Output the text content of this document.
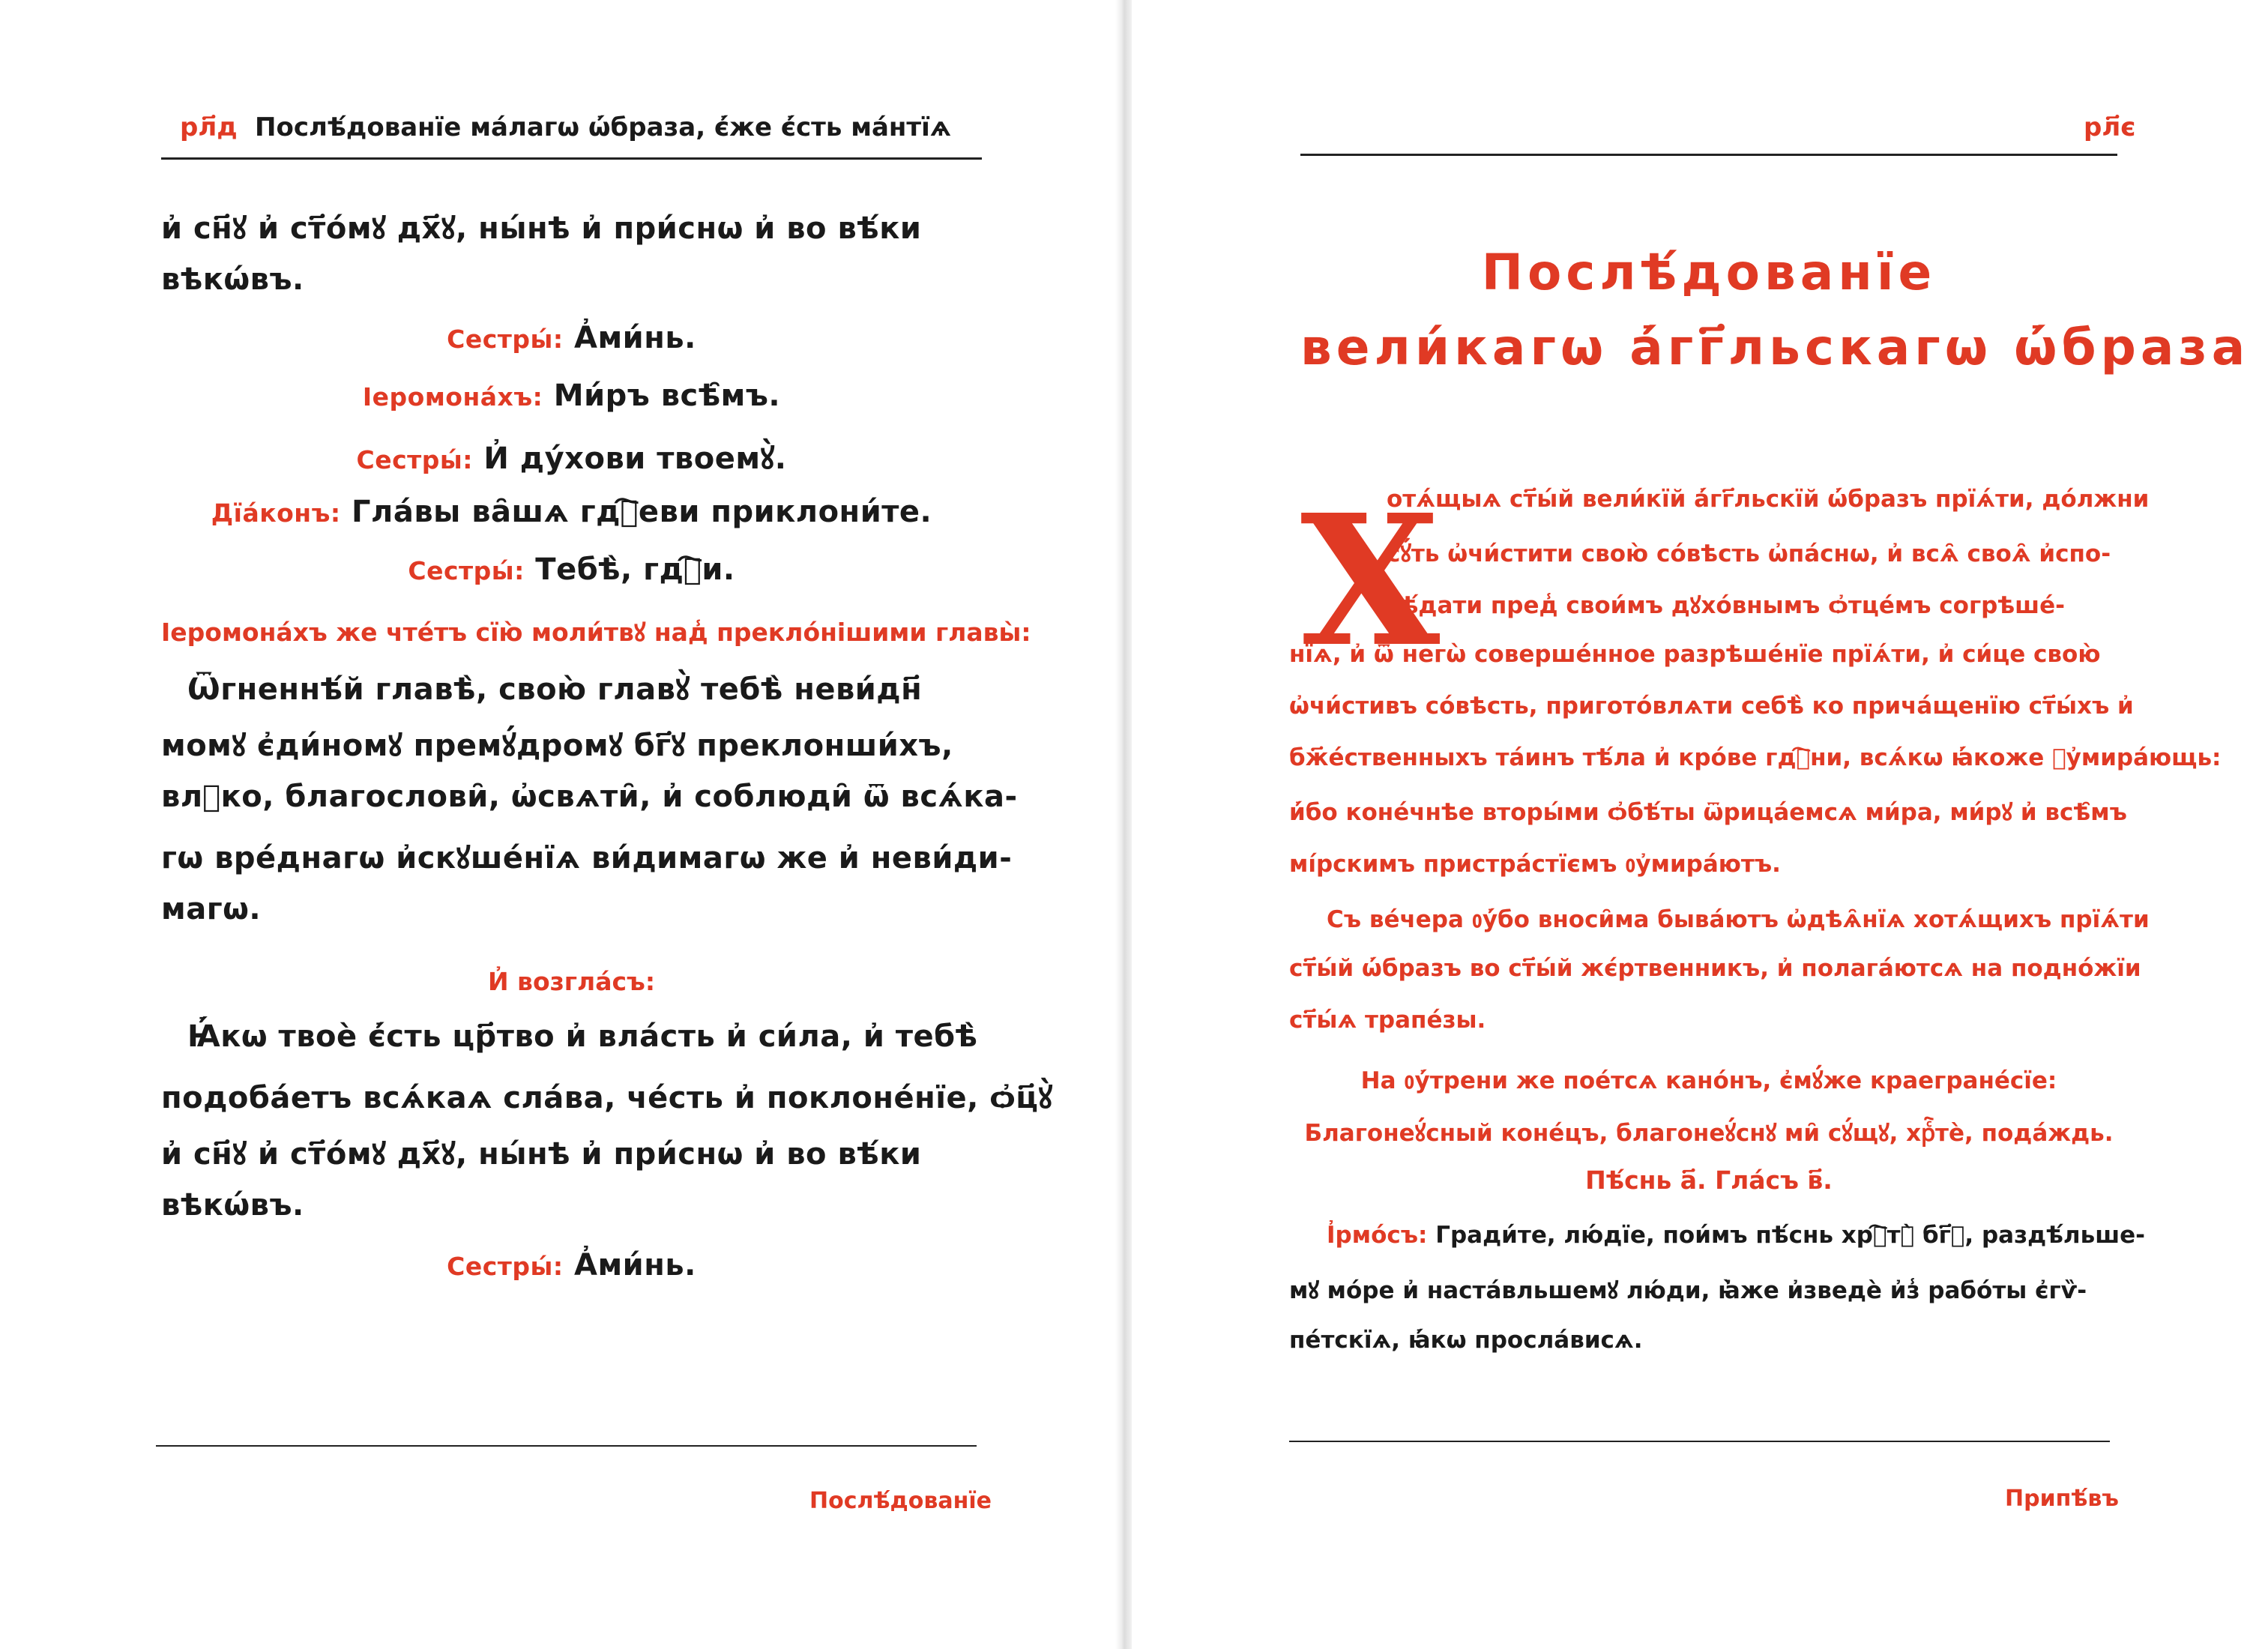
рл҃д Послѣ́дованїе ма́лагѡ ѡ҆́браза, є҆́же є҆́сть ма́нтїѧ
и҆ сн҃ꙋ и҆ ст҃о́мꙋ дх҃ꙋ, ны́нѣ и҆ при́снѡ и҆ во вѣ́ки
вѣкѡ́въ.
Сестры́: А҆ми́нь.
Іеромона́хъ: Ми́ръ всѣ̑мъ.
Сестры́: И҆ ду́хови твоемꙋ̀.
Дїа́конъ: Гла́вы ва̑шѧ гдⷭ҇еви приклони́те.
Сестры́: Тебѣ̀, гдⷭ҇и.
Іеромона́хъ же чте́тъ сїю̀ моли́твꙋ над̾ прекло́нішими главы̀:
Ѿгненнѣ́й главѣ̀, свою̀ главꙋ̀ тебѣ̀ неви́дн҃
момꙋ є҆ди́номꙋ премꙋ́дромꙋ бг҃ꙋ преклонши́хъ,
влⷣко, благослови̑, ѡ҆свѧти̑, и҆ соблюди̑ ѿ всѧ́ка-
гѡ вре́днагѡ и҆скꙋше́нїѧ ви́димагѡ же и҆ неви́ди-
магѡ.
И҆ возгла́съ:
Ꙗ҆́кѡ твоѐ є҆́сть цр҃тво и҆ вла́сть и҆ си́ла, и҆ тебѣ̀
подоба́етъ всѧ́каѧ сла́ва, че́сть и҆ поклоне́нїе, ѻ҆ц҃ꙋ̀
и҆ сн҃ꙋ и҆ ст҃о́мꙋ дх҃ꙋ, ны́нѣ и҆ при́снѡ и҆ во вѣ́ки
вѣкѡ́въ.
Сестры́: А҆ми́нь.
Послѣ́дованїе
рл҃є
Послѣ́дованїе
вели́кагѡ а҆́гг҃льскагѡ ѡ҆́браза
Х
отѧ́щыѧ ст҃ы́й вели́кїй а҆́гг҃льскїй ѡ҆́бразъ прїѧ́ти, до́лжни
сꙋ́ть ѡ҆чи́стити свою̀ со́вѣсть ѡ҆па́снѡ, и҆ всѧ̑ своѧ̑ и҆спо-
вѣ́дати пред̾ свои́мъ дꙋхо́внымъ ѻ҆тце́мъ согрѣше́-
нїѧ, и҆ ѿ негѡ̀ соверше́нное разрѣше́нїе прїѧ́ти, и҆ си́це свою̀
ѡ҆чи́стивъ со́вѣсть, пригото́влѧти себѣ̀ ко прича́щенїю ст҃ы́хъ и҆
бж҃е́ственныхъ та́инъ тѣ́ла и҆ кро́ве гдⷭ҇ни, всѧ́кѡ ꙗ҆́коже ᲂу҆мира́ющь:
и҆́бо коне́чнѣе вторы́ми ѻ҆бѣ́ты ѿрица́емсѧ ми́ра, ми́рꙋ и҆ всѣ̑мъ
мі́рскимъ пристра́стїємъ ᲂу҆мира́ютъ.
Съ ве́чера ᲂу҆́бо вноси̑ма быва́ютъ ѡ҆дѣѧ̑нїѧ хотѧ́щихъ прїѧ́ти
ст҃ы́й ѡ҆́бразъ во ст҃ы́й жє́ртвенникъ, и҆ полага́ютсѧ на подно́жїи
ст҃ы́ѧ трапе́зы.
На ᲂу҆́трени же пое́тсѧ кано́нъ, є҆мꙋ́же краегране́сїе:
Благонеꙋ́сный коне́цъ, благонеꙋ́снꙋ ми̑ сꙋ́щꙋ, хрⷭ҇тѐ, пода́ждь.
Пѣ́снь а҃. Гла́съ в҃.
І҆рмо́съ: Гради́те, лю́дїе, пои́мъ пѣ́снь хрⷭ҇тꙋ̀ бг҃ꙋ, раздѣ́льше-
мꙋ мо́ре и҆ наста́вльшемꙋ лю́ди, ꙗ҆̀же и҆зведѐ и҆з̾ рабо́ты є҆гѷ-
пе́тскїѧ, ꙗ҆́кѡ просла́висѧ.
Припѣ́въ
